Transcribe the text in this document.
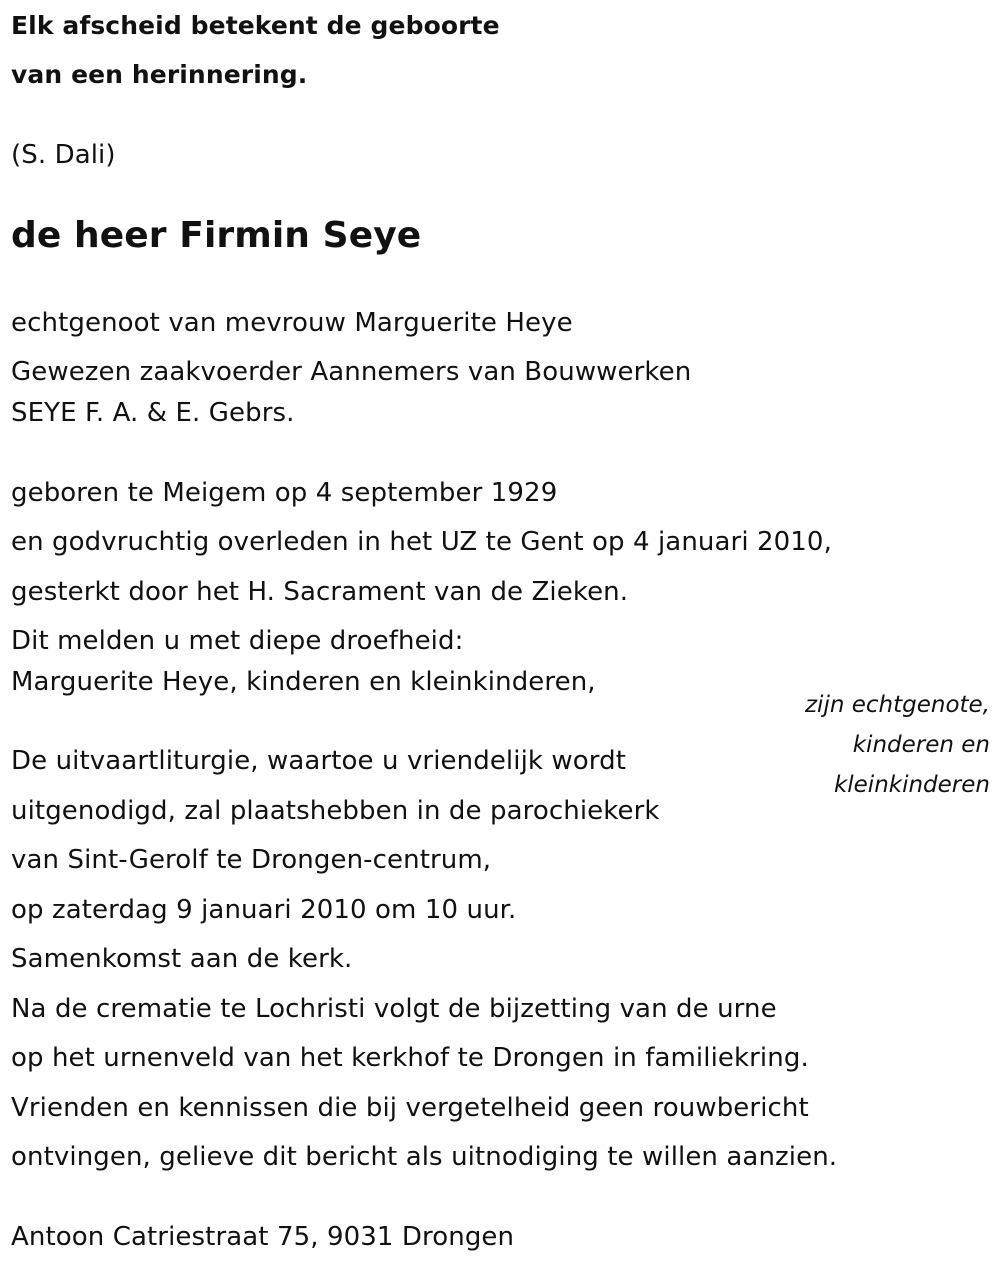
Elk afscheid betekent de geboorte
van een herinnering.
(S. Dali)
de heer Firmin Seye
echtgenoot van mevrouw Marguerite Heye
Gewezen zaakvoerder Aannemers van Bouwwerken
SEYE F. A. & E. Gebrs.
geboren te Meigem op 4 september 1929
en godvruchtig overleden in het UZ te Gent op 4 januari 2010,
gesterkt door het H. Sacrament van de Zieken.
Dit melden u met diepe droefheid:
Marguerite Heye, kinderen en kleinkinderen,
zijn echtgenote,
kinderen en
kleinkinderen
De uitvaartliturgie, waartoe u vriendelijk wordt
uitgenodigd, zal plaatshebben in de parochiekerk
van Sint-Gerolf te Drongen-centrum,
op zaterdag 9 januari 2010 om 10 uur.
Samenkomst aan de kerk.
Na de crematie te Lochristi volgt de bijzetting van de urne
op het urnenveld van het kerkhof te Drongen in familiekring.
Vrienden en kennissen die bij vergetelheid geen rouwbericht
ontvingen, gelieve dit bericht als uitnodiging te willen aanzien.
Antoon Catriestraat 75, 9031 Drongen
